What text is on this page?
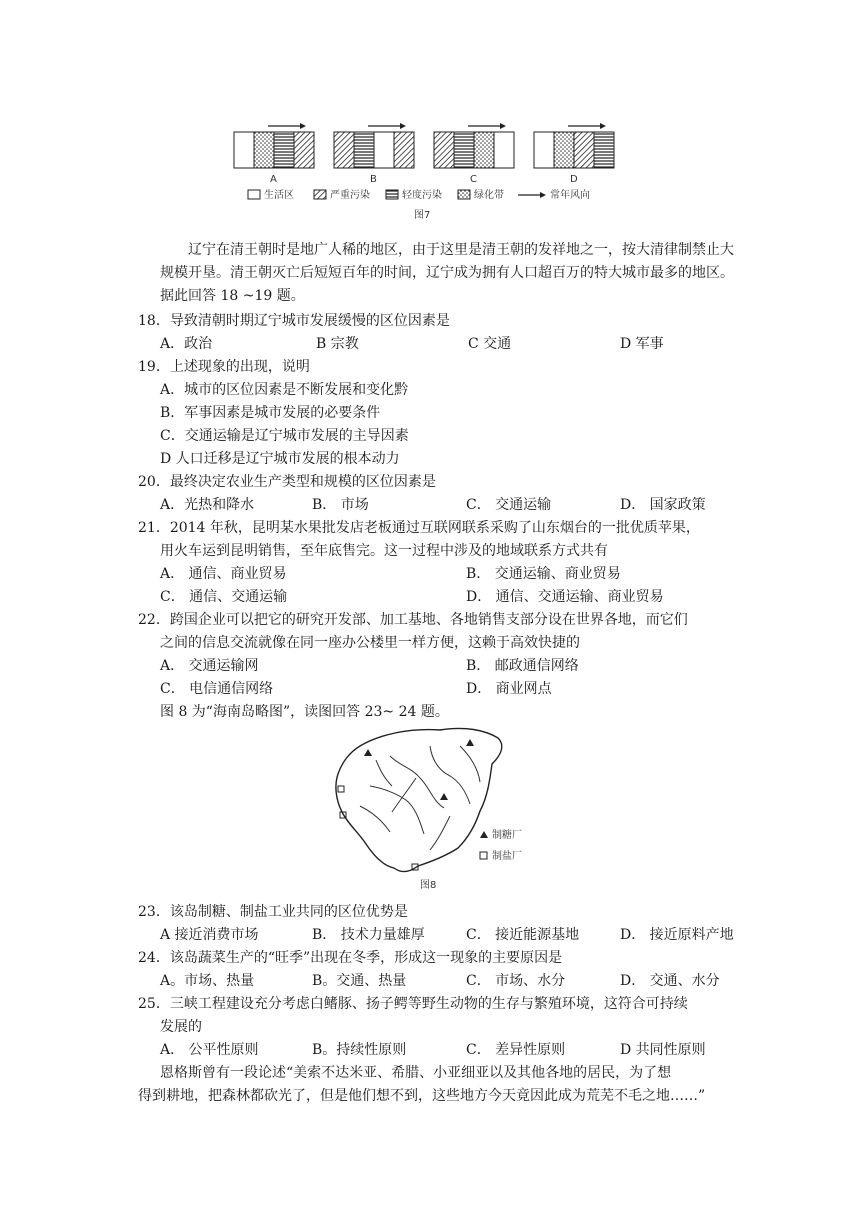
A	B	C	D
生活区	严重污染	轻度污染	绿化带	常年风向
图7
辽宁在清王朝时是地广人稀的地区，由于这里是清王朝的发祥地之一，按大清律制禁止大规模开垦。清王朝灭亡后短短百年的时间，辽宁成为拥有人口超百万的特大城市最多的地区。据此回答 18 ~19 题。
18．导致清朝时期辽宁城市发展缓慢的区位因素是
A．政治	B 宗教	C 交通	D 军事
19．上述现象的出现，说明
A．城市的区位因素是不断发展和变化黔
B．军事因素是城市发展的必要条件
C．交通运输是辽宁城市发展的主导因素
D 人口迁移是辽宁城市发展的根本动力
20．最终决定农业生产类型和规模的区位因素是
A．光热和降水	B． 市场	C． 交通运输	D． 国家政策
21．2014 年秋，昆明某水果批发店老板通过互联网联系采购了山东烟台的一批优质苹果，
用火车运到昆明销售，至年底售完。这一过程中涉及的地域联系方式共有
A． 通信、商业贸易	B． 交通运输、商业贸易
C． 通信、交通运输	D． 通信、交通运输、商业贸易
22．跨国企业可以把它的研究开发部、加工基地、各地销售支部分设在世界各地，而它们
之间的信息交流就像在同一座办公楼里一样方便，这赖于高效快捷的
A． 交通运输网	B． 邮政通信网络
C． 电信通信网络	D． 商业网点
图 8 为“海南岛略图”，读图回答 23~ 24 题。
制糖厂
制盐厂
图8
23．该岛制糖、制盐工业共同的区位优势是
A 接近消费市场	B． 技术力量雄厚	C． 接近能源基地	D． 接近原料产地
24．该岛蔬菜生产的“旺季”出现在冬季，形成这一现象的主要原因是
A。市场、热量	B。交通、热量	C． 市场、水分	D． 交通、水分
25．三峡工程建设充分考虑白鳍豚、扬子鳄等野生动物的生存与繁殖环境，这符合可持续
发展的
A． 公平性原则	B。持续性原则	C． 差异性原则	D 共同性原则
恩格斯曾有一段论述“美索不达米亚、希腊、小亚细亚以及其他各地的居民，为了想
得到耕地，把森林都砍光了，但是他们想不到，这些地方今天竟因此成为荒芜不毛之地……”
